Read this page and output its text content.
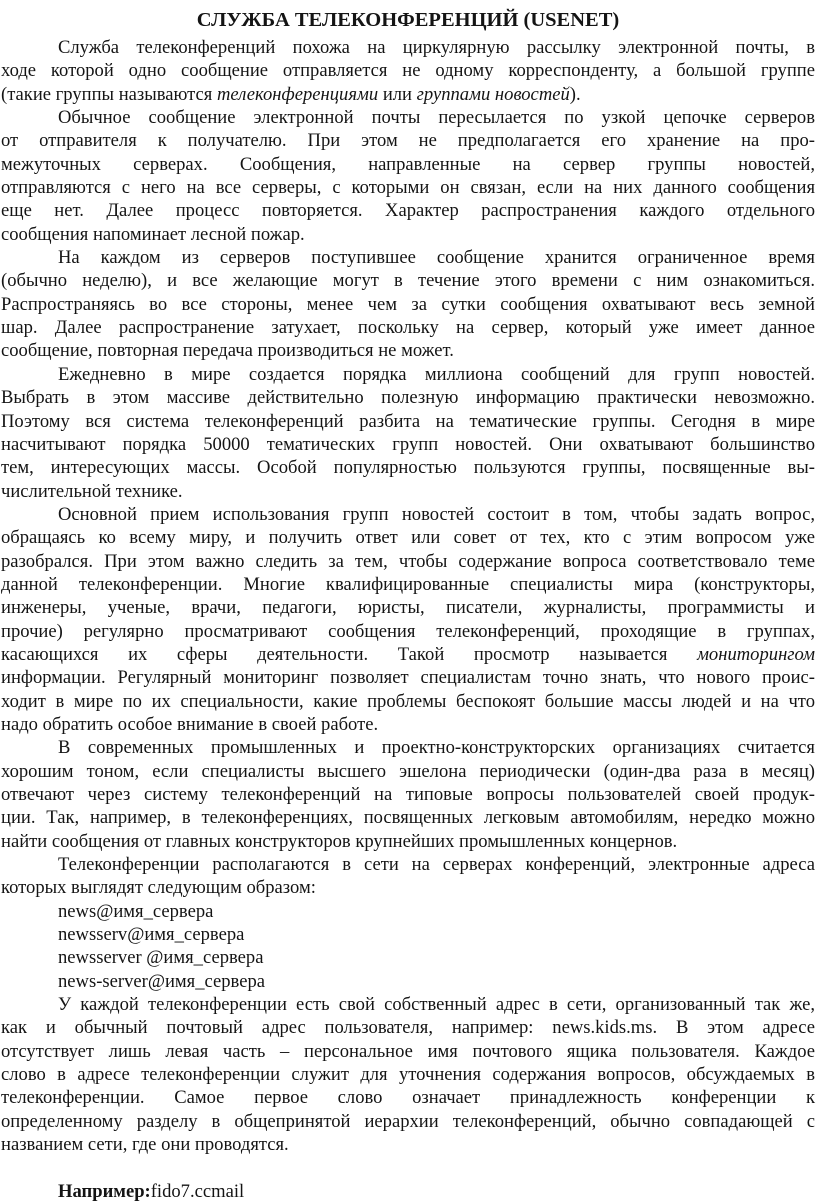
СЛУЖБА ТЕЛЕКОНФЕРЕНЦИЙ (USENET)
Служба телеконференций похожа на циркулярную рассылку электронной почты, в
ходе которой одно сообщение отправляется не одному корреспонденту, а большой группе
(такие группы называются телеконференциями или группами новостей).
Обычное сообщение электронной почты пересылается по узкой цепочке серверов
от отправителя к получателю. При этом не предполагается его хранение на про-
межуточных серверах. Сообщения, направленные на сервер группы новостей,
отправляются с него на все серверы, с которыми он связан, если на них данного сообщения
еще нет. Далее процесс повторяется. Характер распространения каждого отдельного
сообщения напоминает лесной пожар.
На каждом из серверов поступившее сообщение хранится ограниченное время
(обычно неделю), и все желающие могут в течение этого времени с ним ознакомиться.
Распространяясь во все стороны, менее чем за сутки сообщения охватывают весь земной
шар. Далее распространение затухает, поскольку на сервер, который уже имеет данное
сообщение, повторная передача производиться не может.
Ежедневно в мире создается порядка миллиона сообщений для групп новостей.
Выбрать в этом массиве действительно полезную информацию практически невозможно.
Поэтому вся система телеконференций разбита на тематические группы. Сегодня в мире
насчитывают порядка 50000 тематических групп новостей. Они охватывают большинство
тем, интересующих массы. Особой популярностью пользуются группы, посвященные вы-
числительной технике.
Основной прием использования групп новостей состоит в том, чтобы задать вопрос,
обращаясь ко всему миру, и получить ответ или совет от тех, кто с этим вопросом уже
разобрался. При этом важно следить за тем, чтобы содержание вопроса соответствовало теме
данной телеконференции. Многие квалифицированные специалисты мира (конструкторы,
инженеры, ученые, врачи, педагоги, юристы, писатели, журналисты, программисты и
прочие) регулярно просматривают сообщения телеконференций, проходящие в группах,
касающихся их сферы деятельности. Такой просмотр называется мониторингом
информации. Регулярный мониторинг позволяет специалистам точно знать, что нового проис-
ходит в мире по их специальности, какие проблемы беспокоят большие массы людей и на что
надо обратить особое внимание в своей работе.
В современных промышленных и проектно-конструкторских организациях считается
хорошим тоном, если специалисты высшего эшелона периодически (один-два раза в месяц)
отвечают через систему телеконференций на типовые вопросы пользователей своей продук-
ции. Так, например, в телеконференциях, посвященных легковым автомобилям, нередко можно
найти сообщения от главных конструкторов крупнейших промышленных концернов.
Телеконференции располагаются в сети на серверах конференций, электронные адреса
которых выглядят следующим образом:
news@имя_сервера
newsserv@имя_сервера
newsserver @имя_сервера
news-server@имя_сервера
У каждой телеконференции есть свой собственный адрес в сети, организованный так же,
как и обычный почтовый адрес пользователя, например: news.kids.ms. В этом адресе
отсутствует лишь левая часть – персональное имя почтового ящика пользователя. Каждое
слово в адресе телеконференции служит для уточнения содержания вопросов, обсуждаемых в
телеконференции. Самое первое слово означает принадлежность конференции к
определенному разделу в общепринятой иерархии телеконференций, обычно совпадающей с
названием сети, где они проводятся.
Например:fido7.ccmail
